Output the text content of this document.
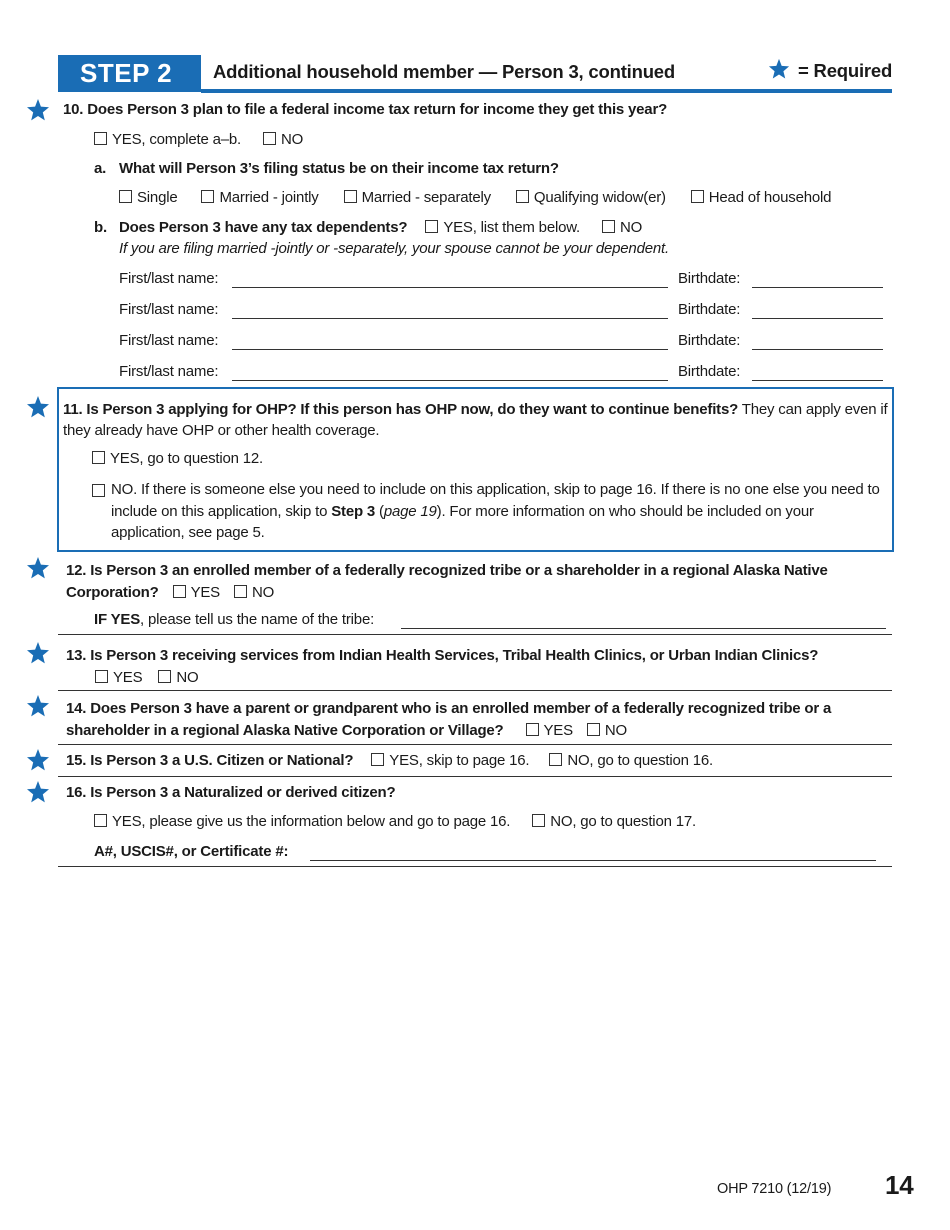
STEP 2 Additional household member — Person 3, continued	= Required
10. Does Person 3 plan to file a federal income tax return for income they get this year?
YES, complete a–b.	NO
a. What will Person 3’s filing status be on their income tax return?
Single	Married - jointly	Married - separately	Qualifying widow(er)	Head of household
b. Does Person 3 have any tax dependents? YES, list them below.	NO
If you are filing married -jointly or -separately, your spouse cannot be your dependent.
First/last name:	Birthdate:
First/last name:	Birthdate:
First/last name:	Birthdate:
First/last name:	Birthdate:
11. Is Person 3 applying for OHP? If this person has OHP now, do they want to continue benefits? They can apply even if they already have OHP or other health coverage.
YES, go to question 12.
NO. If there is someone else you need to include on this application, skip to page 16. If there is no one else you need to include on this application, skip to Step 3 (page 19). For more information on who should be included on your application, see page 5.
12. Is Person 3 an enrolled member of a federally recognized tribe or a shareholder in a regional Alaska Native Corporation? YES NO
IF YES, please tell us the name of the tribe:
13. Is Person 3 receiving services from Indian Health Services, Tribal Health Clinics, or Urban Indian Clinics?
YES NO
14. Does Person 3 have a parent or grandparent who is an enrolled member of a federally recognized tribe or a shareholder in a regional Alaska Native Corporation or Village?	YES NO
15. Is Person 3 a U.S. Citizen or National? YES, skip to page 16.	NO, go to question 16.
16. Is Person 3 a Naturalized or derived citizen?
YES, please give us the information below and go to page 16.	NO, go to question 17.
A#, USCIS#, or Certificate #:
OHP 7210 (12/19) 14
